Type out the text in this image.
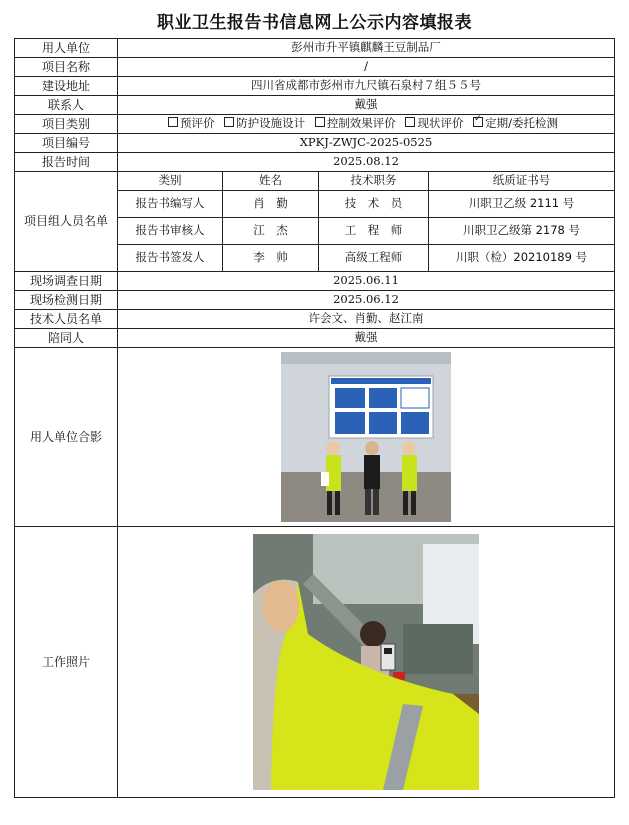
职业卫生报告书信息网上公示内容填报表
用人单位	彭州市升平镇麒麟王豆制品厂			
项目名称	/			
建设地址	四川省成都市彭州市九尺镇石泉村７组５５号			
联系人	戴强			
项目类别	预评价 防护设施设计 控制效果评价 现状评价 ✓ 定期/委托检测
项目编号	XPKJ-ZWJC-2025-0525			
报告时间	2025.08.12			
项目组人员名单	类别	姓名	技术职务	纸质证书号
	报告书编写人	肖　勤	技　术　员	川职卫乙级 2111 号
	报告书审核人	江　杰	工　程　师	川职卫乙级第 2178 号
	报告书签发人	李　帅	高级工程师	川职（检）20210189 号
现场调查日期	2025.06.11			
现场检测日期	2025.06.12			
技术人员名单	许会文、肖勤、赵江南			
陪同人	戴强			
用人单位合影	

工作照片	
